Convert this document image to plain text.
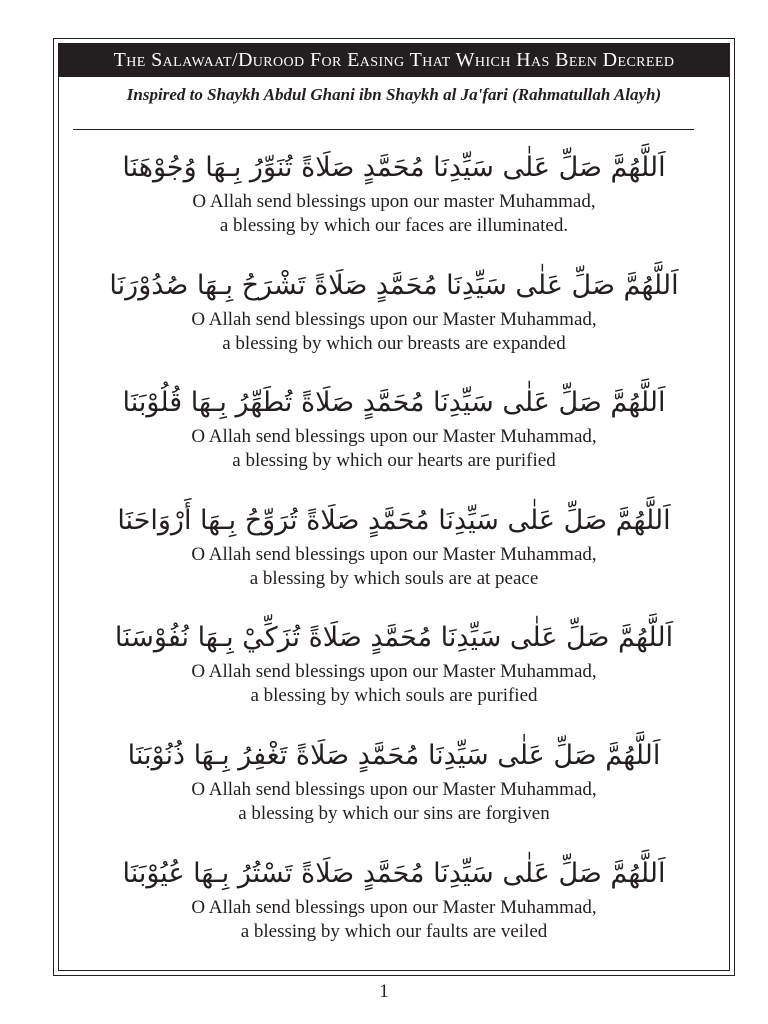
The Salawaat/Durood For Easing That Which Has Been Decreed
Inspired to Shaykh Abdul Ghani ibn Shaykh al Ja'fari (Rahmatullah Alayh)
اَللَّهُمَّ صَلِّ عَلٰى سَيِّدِنَا مُحَمَّدٍ صَلَاةً تُنَوِّرُ بِـهَا وُجُوْهَنَا
O Allah send blessings upon our master Muhammad,
a blessing by which our faces are illuminated.
اَللَّهُمَّ صَلِّ عَلٰى سَيِّدِنَا مُحَمَّدٍ صَلَاةً تَشْرَحُ بِـهَا صُدُوْرَنَا
O Allah send blessings upon our Master Muhammad,
a blessing by which our breasts are expanded
اَللَّهُمَّ صَلِّ عَلٰى سَيِّدِنَا مُحَمَّدٍ صَلَاةً تُطَهِّرُ بِـهَا قُلُوْبَنَا
O Allah send blessings upon our Master Muhammad,
a blessing by which our hearts are purified
اَللَّهُمَّ صَلِّ عَلٰى سَيِّدِنَا مُحَمَّدٍ صَلَاةً تُرَوِّحُ بِـهَا أَرْوَاحَنَا
O Allah send blessings upon our Master Muhammad,
a blessing by which souls are at peace
اَللَّهُمَّ صَلِّ عَلٰى سَيِّدِنَا مُحَمَّدٍ صَلَاةً تُزَكِّيْ بِـهَا نُفُوْسَنَا
O Allah send blessings upon our Master Muhammad,
a blessing by which souls are purified
اَللَّهُمَّ صَلِّ عَلٰى سَيِّدِنَا مُحَمَّدٍ صَلَاةً تَغْفِرُ بِـهَا ذُنُوْبَنَا
O Allah send blessings upon our Master Muhammad,
a blessing by which our sins are forgiven
اَللَّهُمَّ صَلِّ عَلٰى سَيِّدِنَا مُحَمَّدٍ صَلَاةً تَسْتُرُ بِـهَا عُيُوْبَنَا
O Allah send blessings upon our Master Muhammad,
a blessing by which our faults are veiled
1
